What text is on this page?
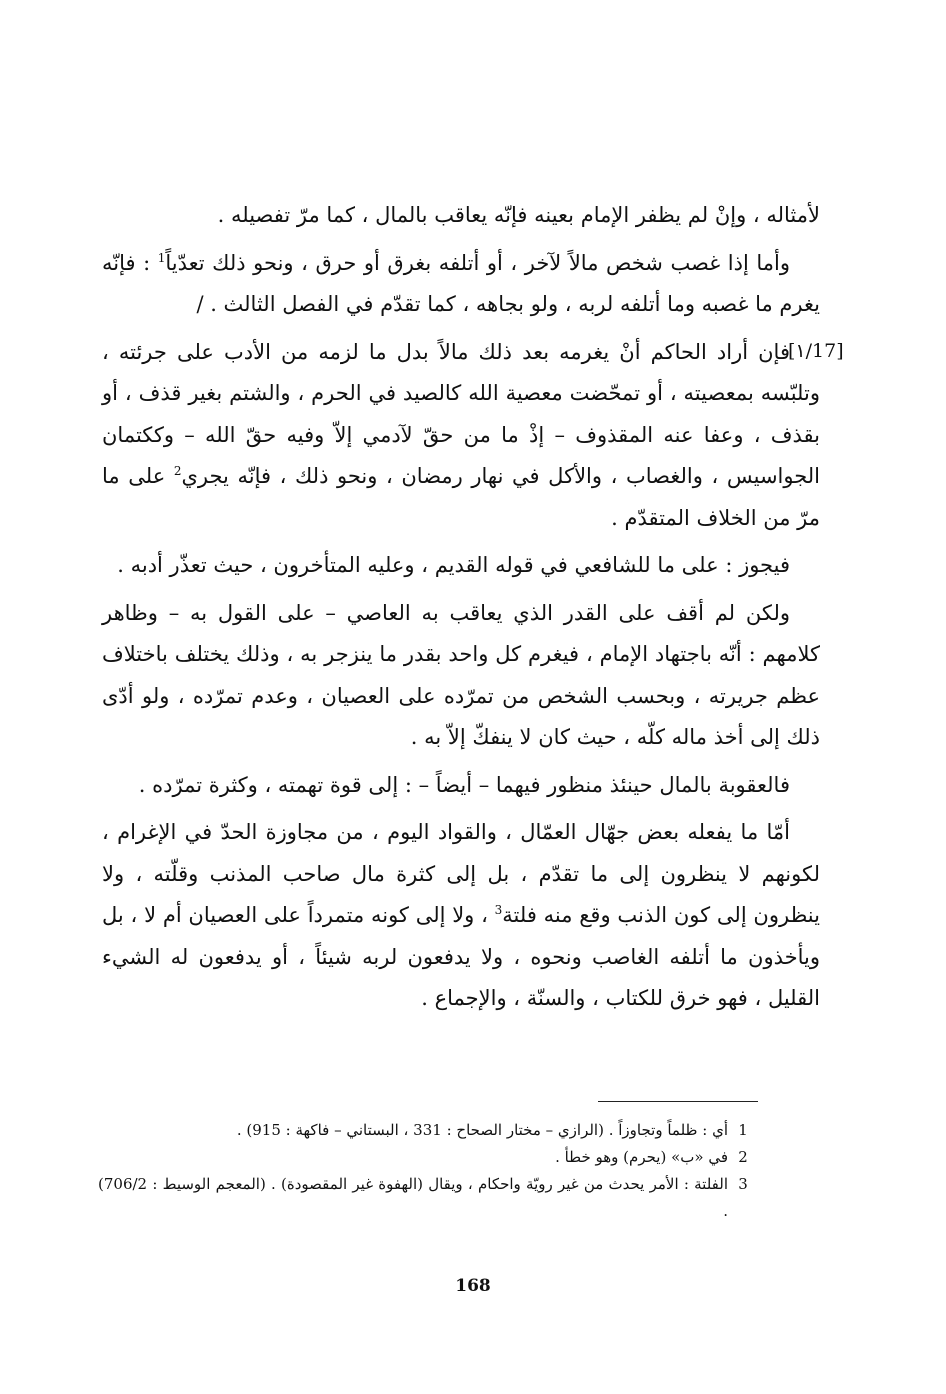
[١/17]

لأمثاله ، وإنْ لم يظفر الإمام بعينه فإنّه يعاقب بالمال ، كما مرّ تفصيله .

وأما إذا غصب شخص مالاً لآخر ، أو أتلفه بغرق أو حرق ، ونحو ذلك تعدّياً$^1$ : فإنّه يغرم ما غصبه وما أتلفه لربه ، ولو بجاهه ، كما تقدّم في الفصل الثالث . /

فإن أراد الحاكم أنْ يغرمه بعد ذلك مالاً بدل ما لزمه من الأدب على جرئته ، وتلبّسه بمعصيته ، أو تمحّضت معصية الله كالصيد في الحرم ، والشتم بغير قذف ، أو بقذف ، وعفا عنه المقذوف – إذْ ما من حقّ لآدمي إلاّ وفيه حقّ الله – وككتمان الجواسيس ، والغصاب ، والأكل في نهار رمضان ، ونحو ذلك ، فإنّه يجري$^2$ على ما مرّ من الخلاف المتقدّم .

فيجوز : على ما للشافعي في قوله القديم ، وعليه المتأخرون ، حيث تعذّر أدبه .

ولكن لم أقف على القدر الذي يعاقب به العاصي – على القول به – وظاهر كلامهم : أنّه باجتهاد الإمام ، فيغرم كل واحد بقدر ما ينزجر به ، وذلك يختلف باختلاف عظم جريرته ، وبحسب الشخص من تمرّده على العصيان ، وعدم تمرّده ، ولو أدّى ذلك إلى أخذ ماله كلّه ، حيث كان لا ينفكّ إلاّ به .

فالعقوبة بالمال حينئذ منظور فيهما – أيضاً – : إلى قوة تهمته ، وكثرة تمرّده .

أمّا ما يفعله بعض جهّال العمّال ، والقواد اليوم ، من مجاوزة الحدّ في الإغرام ، لكونهم لا ينظرون إلى ما تقدّم ، بل إلى كثرة مال صاحب المذنب وقلّته ، ولا ينظرون إلى كون الذنب وقع منه فلتة$^3$ ، ولا إلى كونه متمرداً على العصيان أم لا ، بل ويأخذون ما أتلفه الغاصب ونحوه ، ولا يدفعون لربه شيئاً ، أو يدفعون له الشيء القليل ، فهو خرق للكتاب ، والسنّة ، والإجماع .

1
أي : ظلماً وتجاوزاً . (الرازي – مختار الصحاح : 331 ، البستاني – فاكهة : 915) .
2
في «ب» (يحرم) وهو خطأ .
3
الفلتة : الأمر يحدث من غير رويّة واحكام ، ويقال (الهفوة غير المقصودة) . (المعجم الوسيط : 706/2) .
168
